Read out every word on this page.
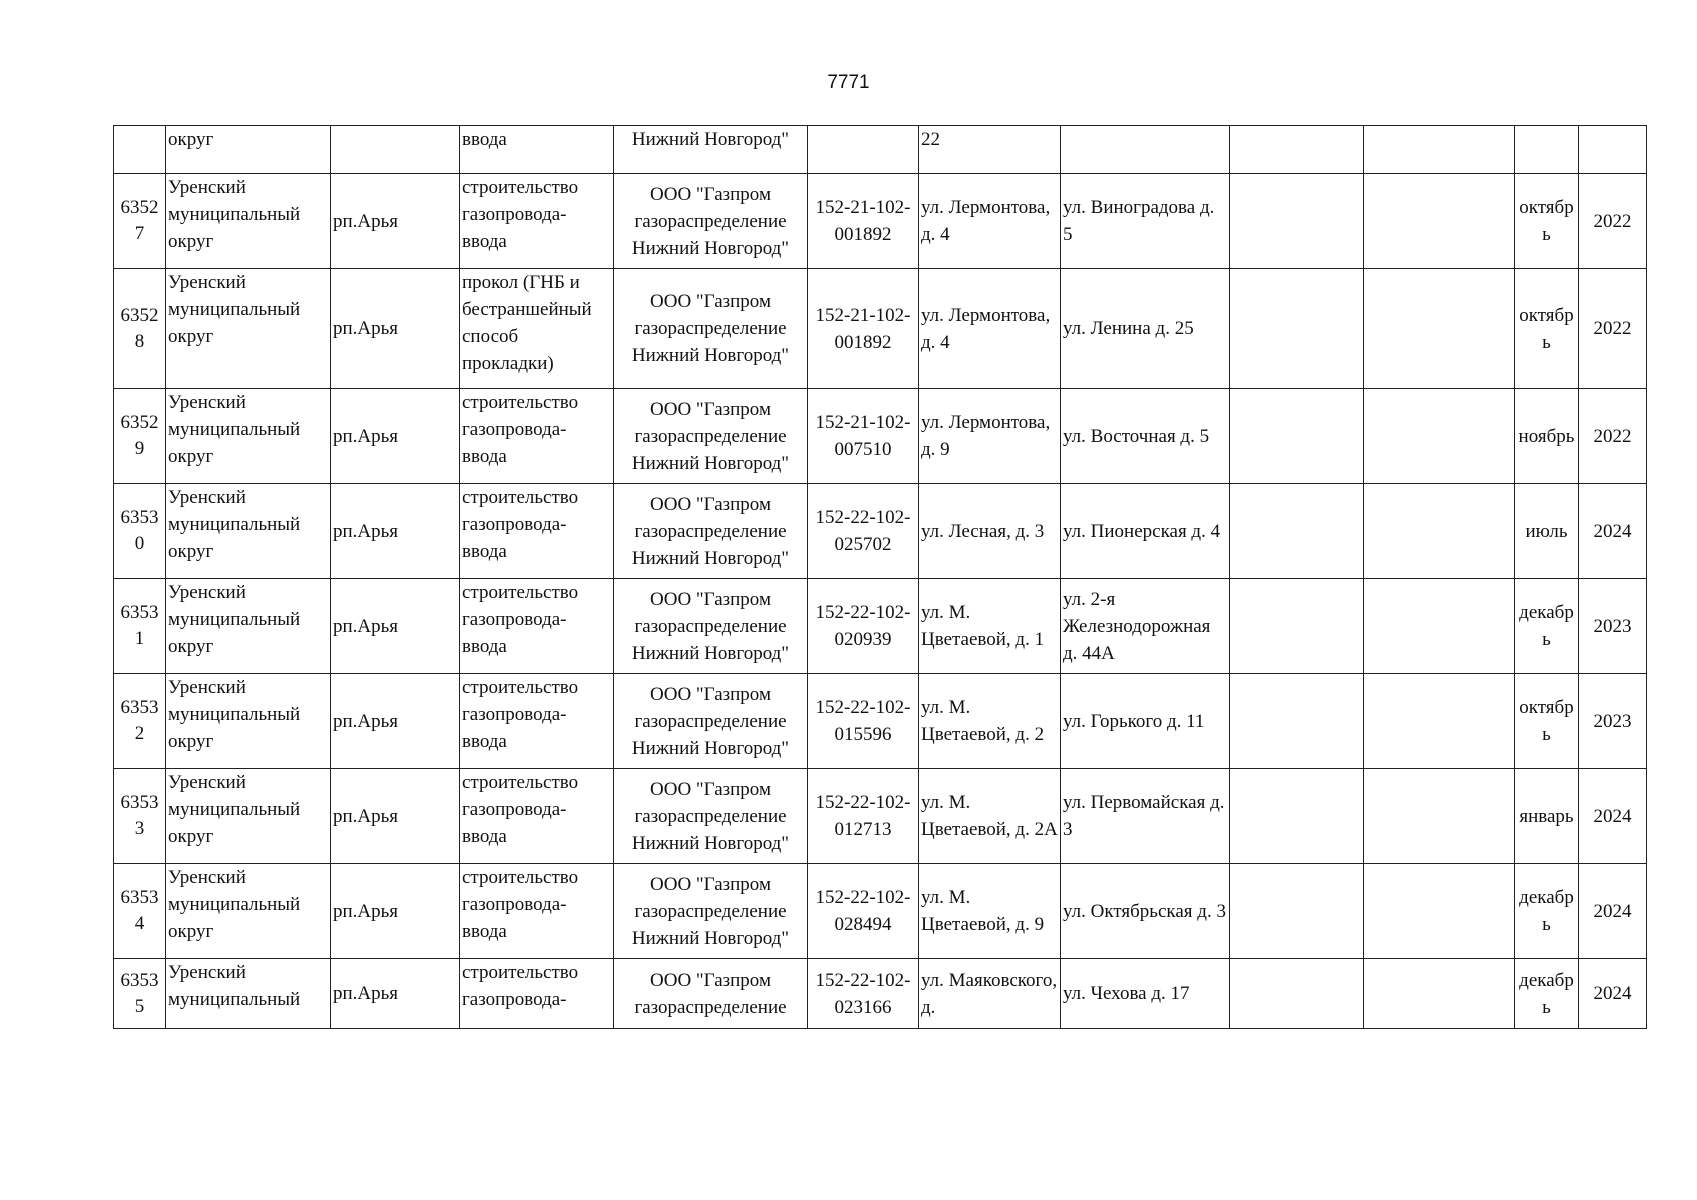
7771
	округ		ввода	Нижний Новгород"		22					
63527	Уренский муниципальный округ	рп.Арья	строительство газопровода-ввода	ООО "Газпром газораспределение Нижний Новгород"	152-21-102-001892	ул. Лермонтова, д. 4	ул. Виноградова д. 5			октябрь	2022
63528	Уренский муниципальный округ	рп.Арья	прокол (ГНБ и бестраншейный способ прокладки)	ООО "Газпром газораспределение Нижний Новгород"	152-21-102-001892	ул. Лермонтова, д. 4	ул. Ленина д. 25			октябрь	2022
63529	Уренский муниципальный округ	рп.Арья	строительство газопровода-ввода	ООО "Газпром газораспределение Нижний Новгород"	152-21-102-007510	ул. Лермонтова, д. 9	ул. Восточная д. 5			ноябрь	2022
63530	Уренский муниципальный округ	рп.Арья	строительство газопровода-ввода	ООО "Газпром газораспределение Нижний Новгород"	152-22-102-025702	ул. Лесная, д. 3	ул. Пионерская д. 4			июль	2024
63531	Уренский муниципальный округ	рп.Арья	строительство газопровода-ввода	ООО "Газпром газораспределение Нижний Новгород"	152-22-102-020939	ул. М. Цветаевой, д. 1	ул. 2-я Железнодорожная д. 44А			декабрь	2023
63532	Уренский муниципальный округ	рп.Арья	строительство газопровода-ввода	ООО "Газпром газораспределение Нижний Новгород"	152-22-102-015596	ул. М. Цветаевой, д. 2	ул. Горького д. 11			октябрь	2023
63533	Уренский муниципальный округ	рп.Арья	строительство газопровода-ввода	ООО "Газпром газораспределение Нижний Новгород"	152-22-102-012713	ул. М. Цветаевой, д. 2А	ул. Первомайская д. 3			январь	2024
63534	Уренский муниципальный округ	рп.Арья	строительство газопровода-ввода	ООО "Газпром газораспределение Нижний Новгород"	152-22-102-028494	ул. М. Цветаевой, д. 9	ул. Октябрьская д. 3			декабрь	2024
63535	Уренский муниципальный	рп.Арья	строительство газопровода-	ООО "Газпром газораспределение	152-22-102-023166	ул. Маяковского, д.	ул. Чехова д. 17			декабрь	2024
